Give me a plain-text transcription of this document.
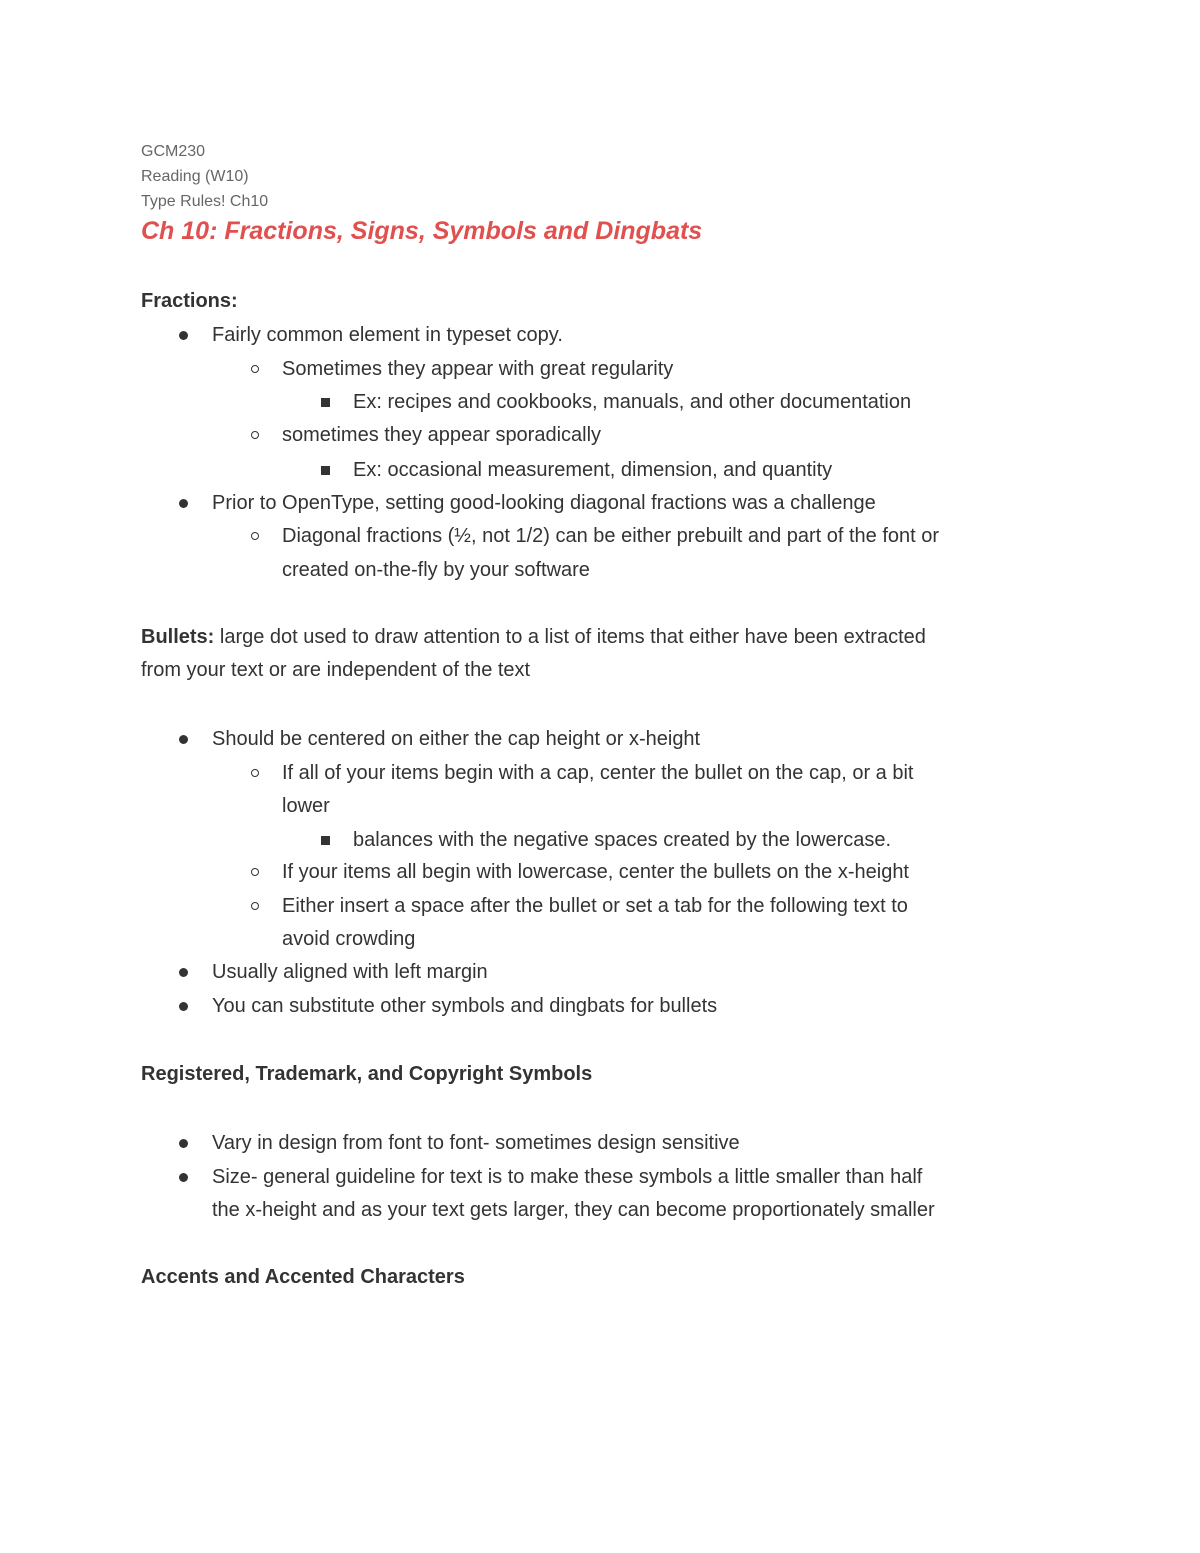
GCM230
Reading (W10)
Type Rules! Ch10
Ch 10: Fractions, Signs, Symbols and Dingbats
Fractions:
Fairly common element in typeset copy.
Sometimes they appear with great regularity
Ex: recipes and cookbooks, manuals, and other documentation
sometimes they appear sporadically
Ex: occasional measurement, dimension, and quantity
Prior to OpenType, setting good-looking diagonal fractions was a challenge
Diagonal fractions (½, not 1/2) can be either prebuilt and part of the font or
created on-the-fly by your software
Bullets: large dot used to draw attention to a list of items that either have been extracted
from your text or are independent of the text
Should be centered on either the cap height or x-height
If all of your items begin with a cap, center the bullet on the cap, or a bit
lower
balances with the negative spaces created by the lowercase.
If your items all begin with lowercase, center the bullets on the x-height
Either insert a space after the bullet or set a tab for the following text to
avoid crowding
Usually aligned with left margin
You can substitute other symbols and dingbats for bullets
Registered, Trademark, and Copyright Symbols
Vary in design from font to font- sometimes design sensitive
Size- general guideline for text is to make these symbols a little smaller than half
the x-height and as your text gets larger, they can become proportionately smaller
Accents and Accented Characters
